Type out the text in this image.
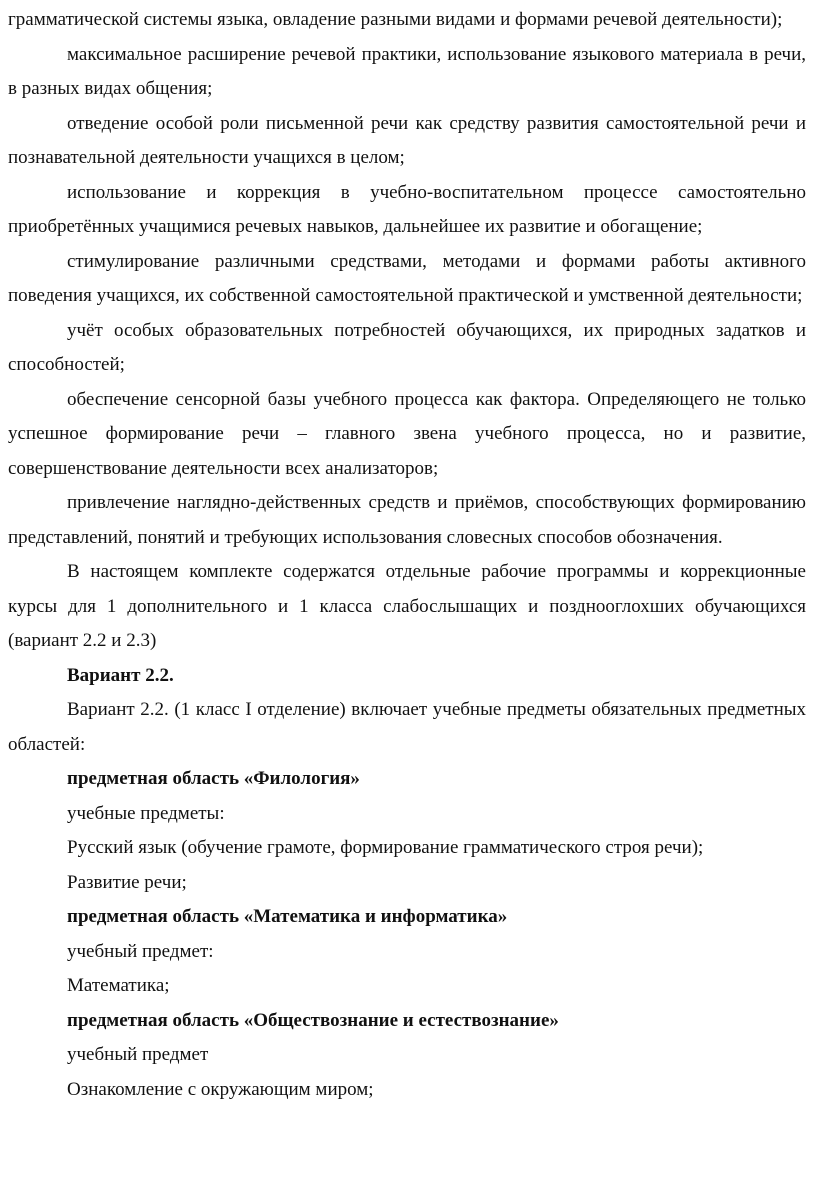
грамматической системы языка, овладение разными видами и формами речевой деятельности);

максимальное расширение речевой практики, использование языкового материала в речи, в разных видах общения;

отведение особой роли письменной речи как средству развития самостоятельной речи и познавательной деятельности учащихся в целом;

использование и коррекция в учебно-воспитательном процессе самостоятельно приобретённых учащимися речевых навыков, дальнейшее их развитие и обогащение;

стимулирование различными средствами, методами и формами работы активного поведения учащихся, их собственной самостоятельной практической и умственной деятельности;

учёт особых образовательных потребностей обучающихся, их природных задатков и способностей;

обеспечение сенсорной базы учебного процесса как фактора. Определяющего не только успешное формирование речи – главного звена учебного процесса, но и развитие, совершенствование деятельности всех анализаторов;

привлечение наглядно-действенных средств и приёмов, способствующих формированию представлений, понятий и требующих использования словесных способов обозначения.

В настоящем комплекте содержатся отдельные рабочие программы и коррекционные курсы для 1 дополнительного и 1 класса слабослышащих и позднооглохших обучающихся (вариант 2.2 и 2.3)

Вариант 2.2.

Вариант 2.2. (1 класс I отделение) включает учебные предметы обязательных предметных областей:

предметная область «Филология»

учебные предметы:

Русский язык (обучение грамоте, формирование грамматического строя речи);

Развитие речи;

предметная область «Математика и информатика»

учебный предмет:

Математика;

предметная область «Обществознание и естествознание»

учебный предмет

Ознакомление с окружающим миром;
